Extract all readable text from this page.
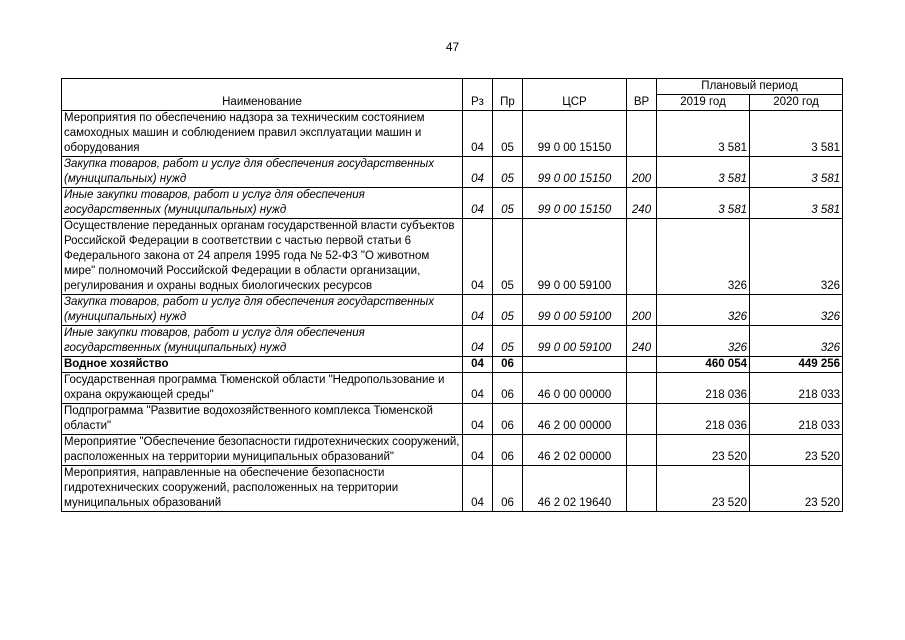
47
Наименование	Рз	Пр	ЦСР	ВР	Плановый период	
					2019 год	2020 год
Мероприятия по обеспечению надзора за техническим состоянием самоходных машин и соблюдением правил эксплуатации машин и оборудования	04	05	99 0 00 15150		3 581	3 581
Закупка товаров, работ и услуг для обеспечения государственных (муниципальных) нужд	04	05	99 0 00 15150	200	3 581	3 581
Иные закупки товаров, работ и услуг для обеспечения государственных (муниципальных) нужд	04	05	99 0 00 15150	240	3 581	3 581
Осуществление переданных органам государственной власти субъектов Российской Федерации в соответствии с частью первой статьи 6 Федерального закона от 24 апреля 1995 года № 52-ФЗ "О животном мире" полномочий Российской Федерации в области организации, регулирования и охраны водных биологических ресурсов	04	05	99 0 00 59100		326	326
Закупка товаров, работ и услуг для обеспечения государственных (муниципальных) нужд	04	05	99 0 00 59100	200	326	326
Иные закупки товаров, работ и услуг для обеспечения государственных (муниципальных) нужд	04	05	99 0 00 59100	240	326	326
Водное хозяйство	04	06			460 054	449 256
Государственная программа Тюменской области "Недропользование и охрана окружающей среды"	04	06	46 0 00 00000		218 036	218 033
Подпрограмма "Развитие водохозяйственного комплекса Тюменской области"	04	06	46 2 00 00000		218 036	218 033
Мероприятие "Обеспечение безопасности гидротехнических сооружений, расположенных на территории муниципальных образований"	04	06	46 2 02 00000		23 520	23 520
Мероприятия, направленные на обеспечение безопасности гидротехнических сооружений, расположенных на территории муниципальных образований	04	06	46 2 02 19640		23 520	23 520
